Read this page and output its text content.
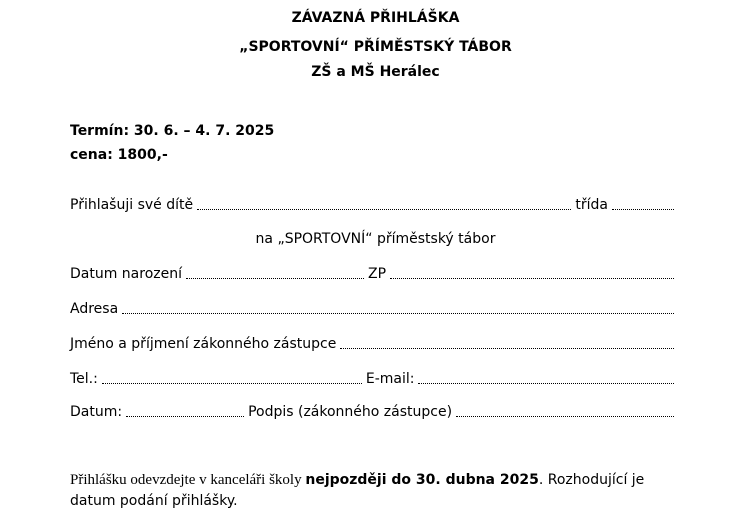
ZÁVAZNÁ PŘIHLÁŠKA
„SPORTOVNÍ“ PŘÍMĚSTSKÝ TÁBOR
ZŠ a MŠ Herálec
Termín: 30. 6. – 4. 7. 2025
cena: 1800,-
Přihlašuji své dítě	třída
na „SPORTOVNÍ“ příměstský tábor
Datum narození	ZP
Adresa
Jméno a příjmení zákonného zástupce
Tel.:	E-mail:
Datum:	Podpis (zákonného zástupce)
Přihlášku odevzdejte v kanceláři školy nejpozději do 30. dubna 2025. Rozhodující je datum podání přihlášky.
